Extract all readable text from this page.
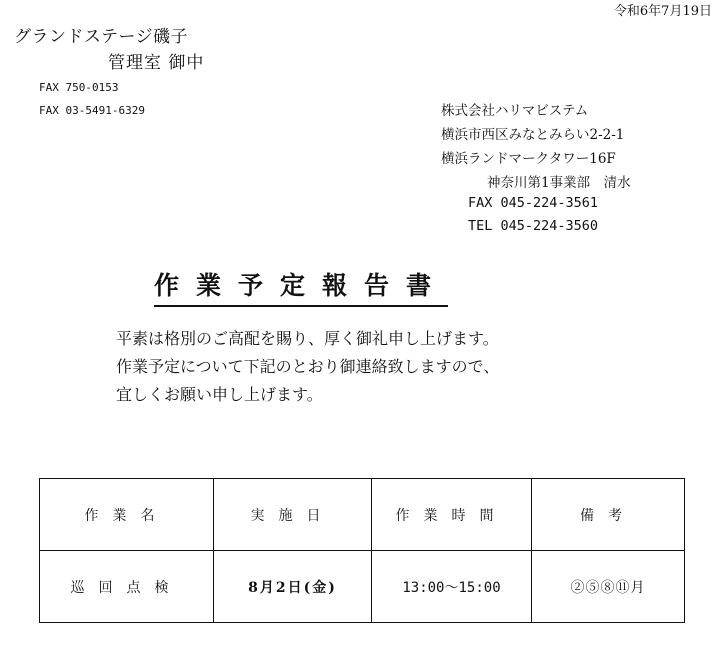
令和6年7月19日
グランドステージ磯子
管理室 御中
FAX 750-0153
FAX 03-5491-6329	株式会社ハリマビステム
横浜市西区みなとみらい2-2-1
横浜ランドマークタワー16F
神奈川第1事業部　清水
FAX 045-224-3561
TEL 045-224-3560
作業予定報告書
平素は格別のご高配を賜り、厚く御礼申し上げます。
作業予定について下記のとおり御連絡致しますので、
宜しくお願い申し上げます。
作業名	実施日	作業時間	備考
巡回点検	8月2日(金)	13:00～15:00	②⑤⑧⑪月
